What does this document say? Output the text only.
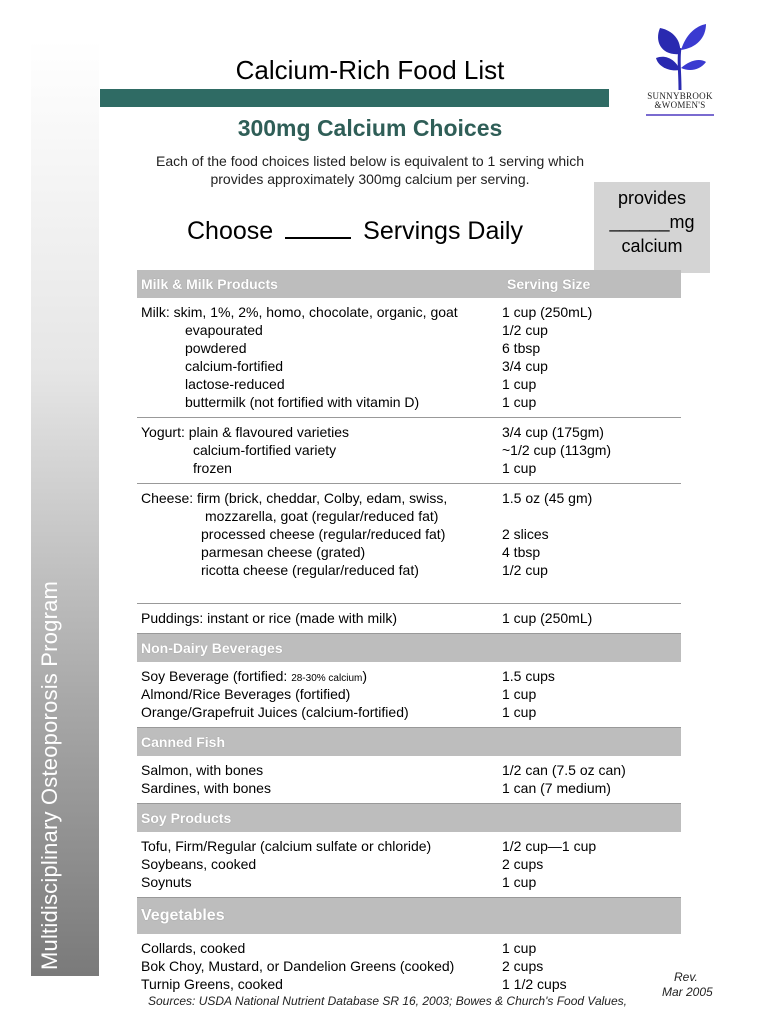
Multidisciplinary Osteoporosis Program
Calcium-Rich Food List
SUNNYBROOK
&WOMEN'S
300mg Calcium Choices
Each of the food choices listed below is equivalent to 1 serving which
provides approximately 300mg calcium per serving.
provides
______mg
calcium
Choose	Servings Daily
Milk & Milk Products	Serving Size
Milk: skim, 1%, 2%, homo, chocolate, organic, goat	1 cup (250mL)
evapourated	1/2 cup
powdered	6 tbsp
calcium-fortified	3/4 cup
lactose-reduced	1 cup
buttermilk (not fortified with vitamin D)	1 cup
Yogurt: plain & flavoured varieties	3/4 cup (175gm)
calcium-fortified variety	~1/2 cup (113gm)
frozen	1 cup
Cheese: firm (brick, cheddar, Colby, edam, swiss,	1.5 oz (45 gm)
mozzarella, goat (regular/reduced fat)
processed cheese (regular/reduced fat)	2 slices
parmesan cheese (grated)	4 tbsp
ricotta cheese (regular/reduced fat)	1/2 cup
Puddings: instant or rice (made with milk)	1 cup (250mL)
Non-Dairy Beverages
Soy Beverage (fortified: 28-30% calcium)	1.5 cups
Almond/Rice Beverages (fortified)	1 cup
Orange/Grapefruit Juices (calcium-fortified)	1 cup
Canned Fish
Salmon, with bones	1/2 can (7.5 oz can)
Sardines, with bones	1 can (7 medium)
Soy Products
Tofu, Firm/Regular (calcium sulfate or chloride)	1/2 cup—1 cup
Soybeans, cooked	2 cups
Soynuts	1 cup
Vegetables
Collards, cooked	1 cup
Bok Choy, Mustard, or Dandelion Greens (cooked)	2 cups
Turnip Greens, cooked	1 1/2 cups	Rev.
Mar 2005
Sources: USDA National Nutrient Database SR 16, 2003; Bowes & Church's Food Values,
